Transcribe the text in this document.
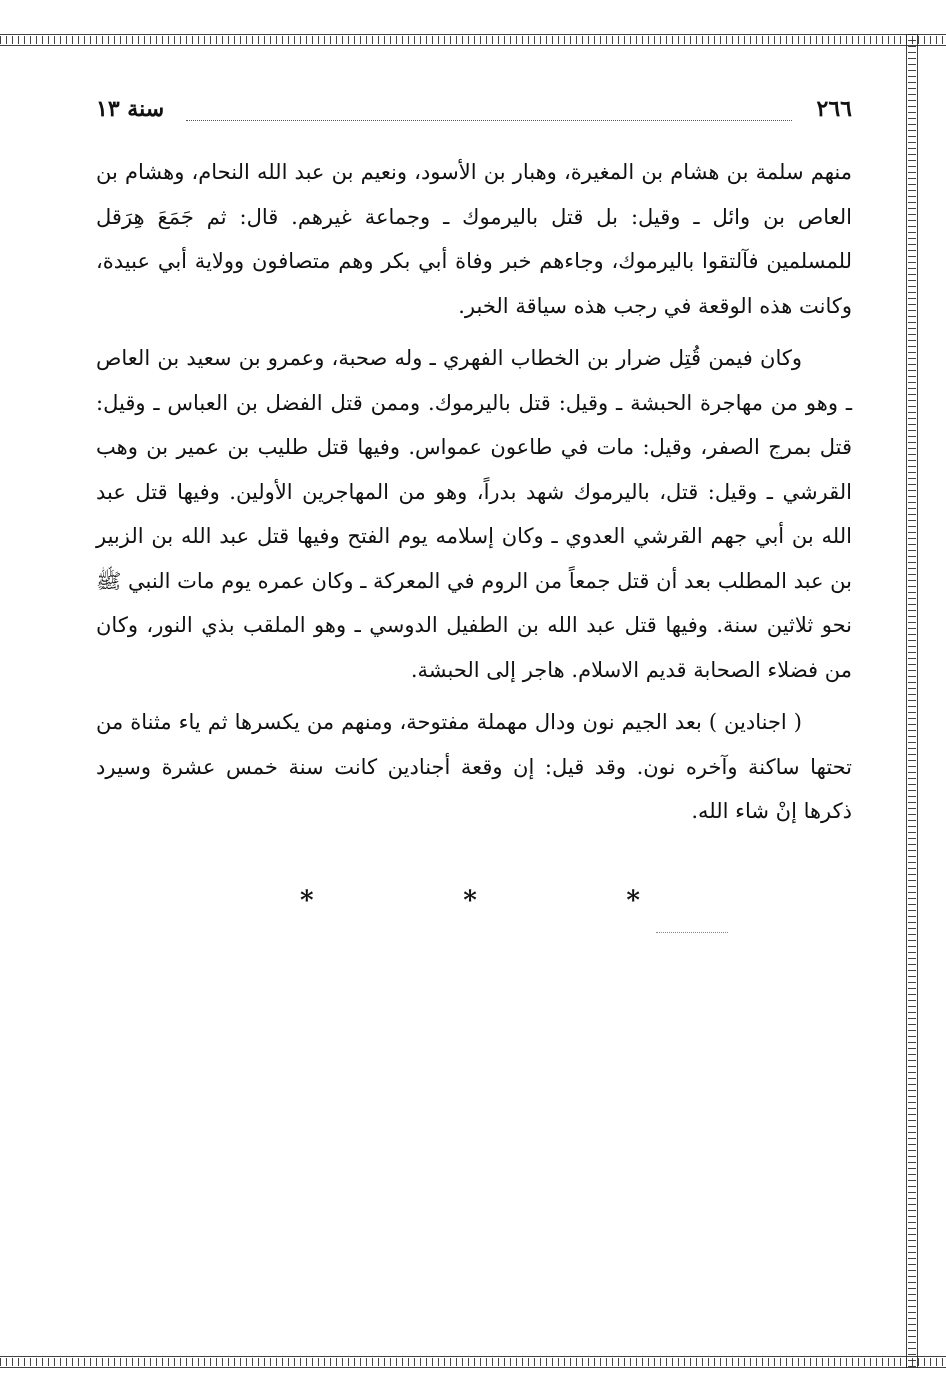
٢٦٦
سنة ١٣

منهم سلمة بن هشام بن المغيرة، وهبار بن الأسود، ونعيم بن عبد الله النحام، وهشام بن العاص بن وائل ـ وقيل: بل قتل باليرموك ـ وجماعة غيرهم. قال: ثم جَمَعَ هِرَقل للمسلمين فآلتقوا باليرموك، وجاءهم خبر وفاة أبي بكر وهم متصافون وولاية أبي عبيدة، وكانت هذه الوقعة في رجب هذه سياقة الخبر.

وكان فيمن قُتِل ضرار بن الخطاب الفهري ـ وله صحبة، وعمرو بن سعيد بن العاص ـ وهو من مهاجرة الحبشة ـ وقيل: قتل باليرموك. وممن قتل الفضل بن العباس ـ وقيل: قتل بمرج الصفر، وقيل: مات في طاعون عمواس. وفيها قتل طليب بن عمير بن وهب القرشي ـ وقيل: قتل، باليرموك شهد بدراً، وهو من المهاجرين الأولين. وفيها قتل عبد الله بن أبي جهم القرشي العدوي ـ وكان إسلامه يوم الفتح وفيها قتل عبد الله بن الزبير بن عبد المطلب بعد أن قتل جمعاً من الروم في المعركة ـ وكان عمره يوم مات النبي ﷺ نحو ثلاثين سنة. وفيها قتل عبد الله بن الطفيل الدوسي ـ وهو الملقب بذي النور، وكان من فضلاء الصحابة قديم الاسلام. هاجر إلى الحبشة.

( اجنادين ) بعد الجيم نون ودال مهملة مفتوحة، ومنهم من يكسرها ثم ياء مثناة من تحتها ساكنة وآخره نون. وقد قيل: إن وقعة أجنادين كانت سنة خمس عشرة وسيرد ذكرها إنْ شاء الله.

*	*	*
